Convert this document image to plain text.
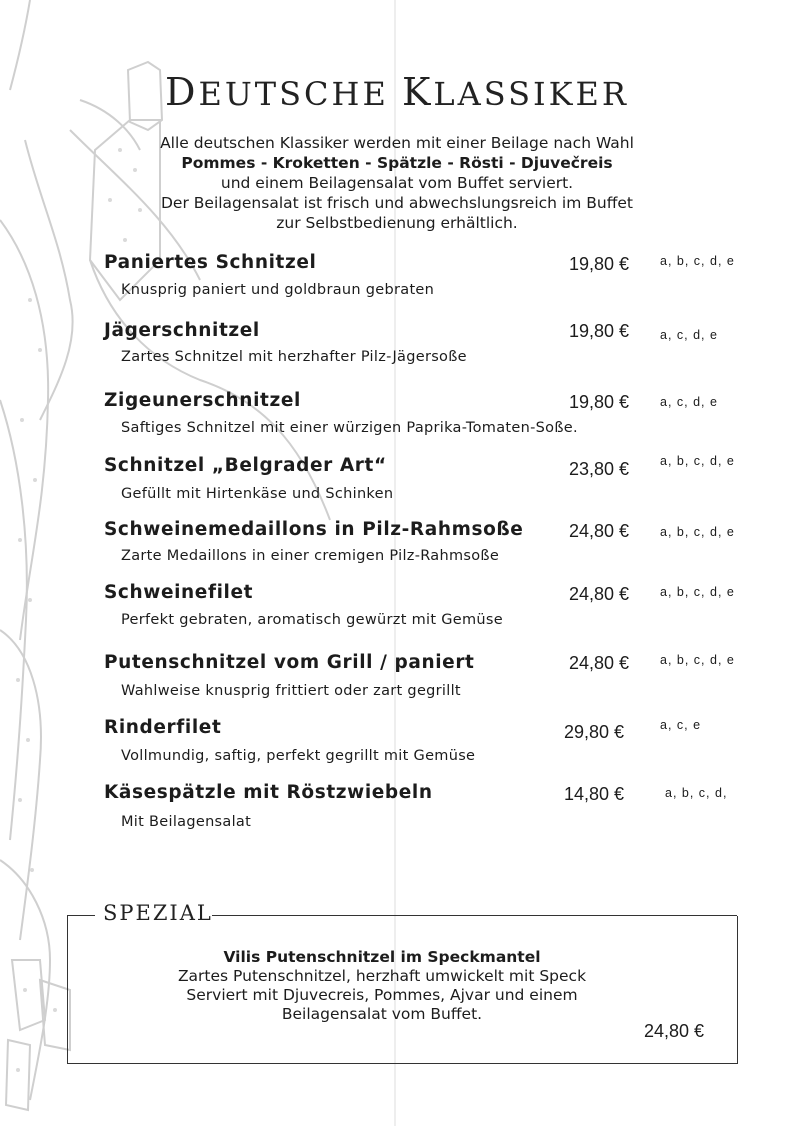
DEUTSCHE KLASSIKER
Alle deutschen Klassiker werden mit einer Beilage nach Wahl
Pommes - Kroketten - Spätzle - Rösti - Djuvečreis
und einem Beilagensalat vom Buffet serviert.
Der Beilagensalat ist frisch und abwechslungsreich im Buffet
zur Selbstbedienung erhältlich.
Paniertes Schnitzel	19,80 € a, b, c, d, e
Knusprig paniert und goldbraun gebraten
Jägerschnitzel	19,80 € a, c, d, e
Zartes Schnitzel mit herzhafter Pilz-Jägersoße
Zigeunerschnitzel	19,80 € a, c, d, e
Saftiges Schnitzel mit einer würzigen Paprika-Tomaten-Soße.
Schnitzel „Belgrader Art“	23,80 € a, b, c, d, e
Gefüllt mit Hirtenkäse und Schinken
Schweinemedaillons in Pilz-Rahmsoße	24,80 € a, b, c, d, e
Zarte Medaillons in einer cremigen Pilz-Rahmsoße
Schweinefilet	24,80 € a, b, c, d, e
Perfekt gebraten, aromatisch gewürzt mit Gemüse
Putenschnitzel vom Grill / paniert	24,80 € a, b, c, d, e
Wahlweise knusprig frittiert oder zart gegrillt
Rinderfilet	29,80 €	a, c, e
Vollmundig, saftig, perfekt gegrillt mit Gemüse
Käsespätzle mit Röstzwiebeln	14,80 €	a, b, c, d,
Mit Beilagensalat
SPEZIAL
Vilis Putenschnitzel im Speckmantel
Zartes Putenschnitzel, herzhaft umwickelt mit Speck
Serviert mit Djuvecreis, Pommes, Ajvar und einem
Beilagensalat vom Buffet.
24,80 €
